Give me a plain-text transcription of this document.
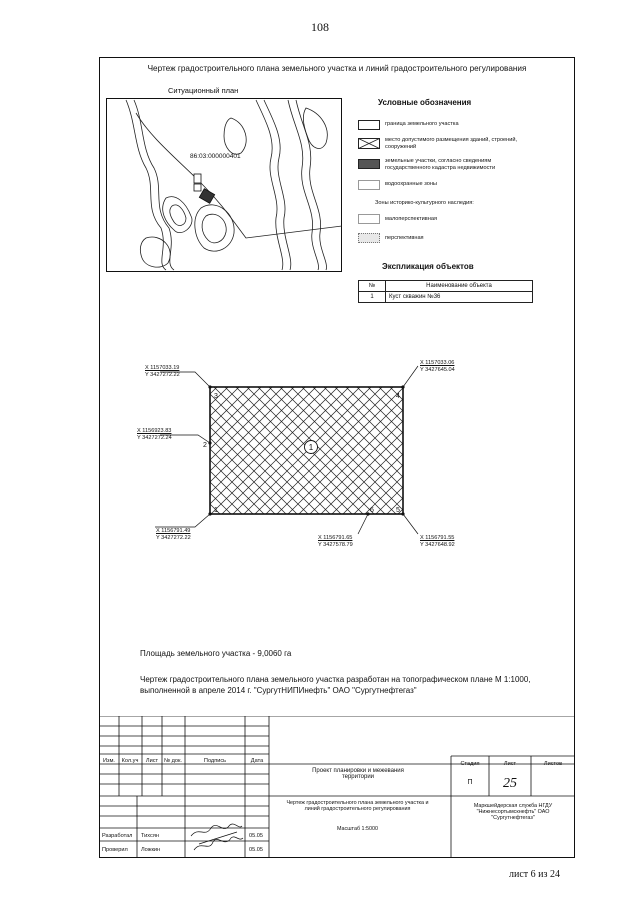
108
Чертеж градостроительного плана земельного участка и линий градостроительного регулирования
Ситуационный план
86:03:000000401
Условные обозначения
граница земельного участка
место допустимого размещения зданий, строений, сооружений
земельные участки, согласно сведениям государственного кадастра недвижимости
водоохранные зоны
Зоны историко-культурного наследия:
малоперспективная
перспективная
Экспликация объектов
№	Наименование объекта
1	Куст скважин №36
3	4
2
1	6	5
1
X 1157033.19
Y 3427272.22
X 1157033.06
Y 3427645.04
X 1156923.83
Y 3427272.24
X 1156791.49
Y 3427272.22	X 1156791.65
Y 3427578.79
X 1156791.55
Y 3427648.92
Площадь земельного участка - 9,0060 га
Чертеж градостроительного плана земельного участка разработан на топографическом плане М 1:1000, выполненной в апреле 2014 г. "СургутНИПИнефть" ОАО "Сургутнефтегаз"
Изм. Кол.уч Лист № док.	Подпись	Дата
Разработал Тихсян	05.05
Проверил Ложкин	05.05
Стадия	Лист	Листов
П 25
Проект планировки и межевания территории
Чертеж градостроительного плана земельного участка и линий градостроительного регулирования
Масштаб 1:5000
Маркшейдерская служба НГДУ "Нижнесортымскнефть" ОАО "Сургутнефтегаз"
лист 6 из 24
